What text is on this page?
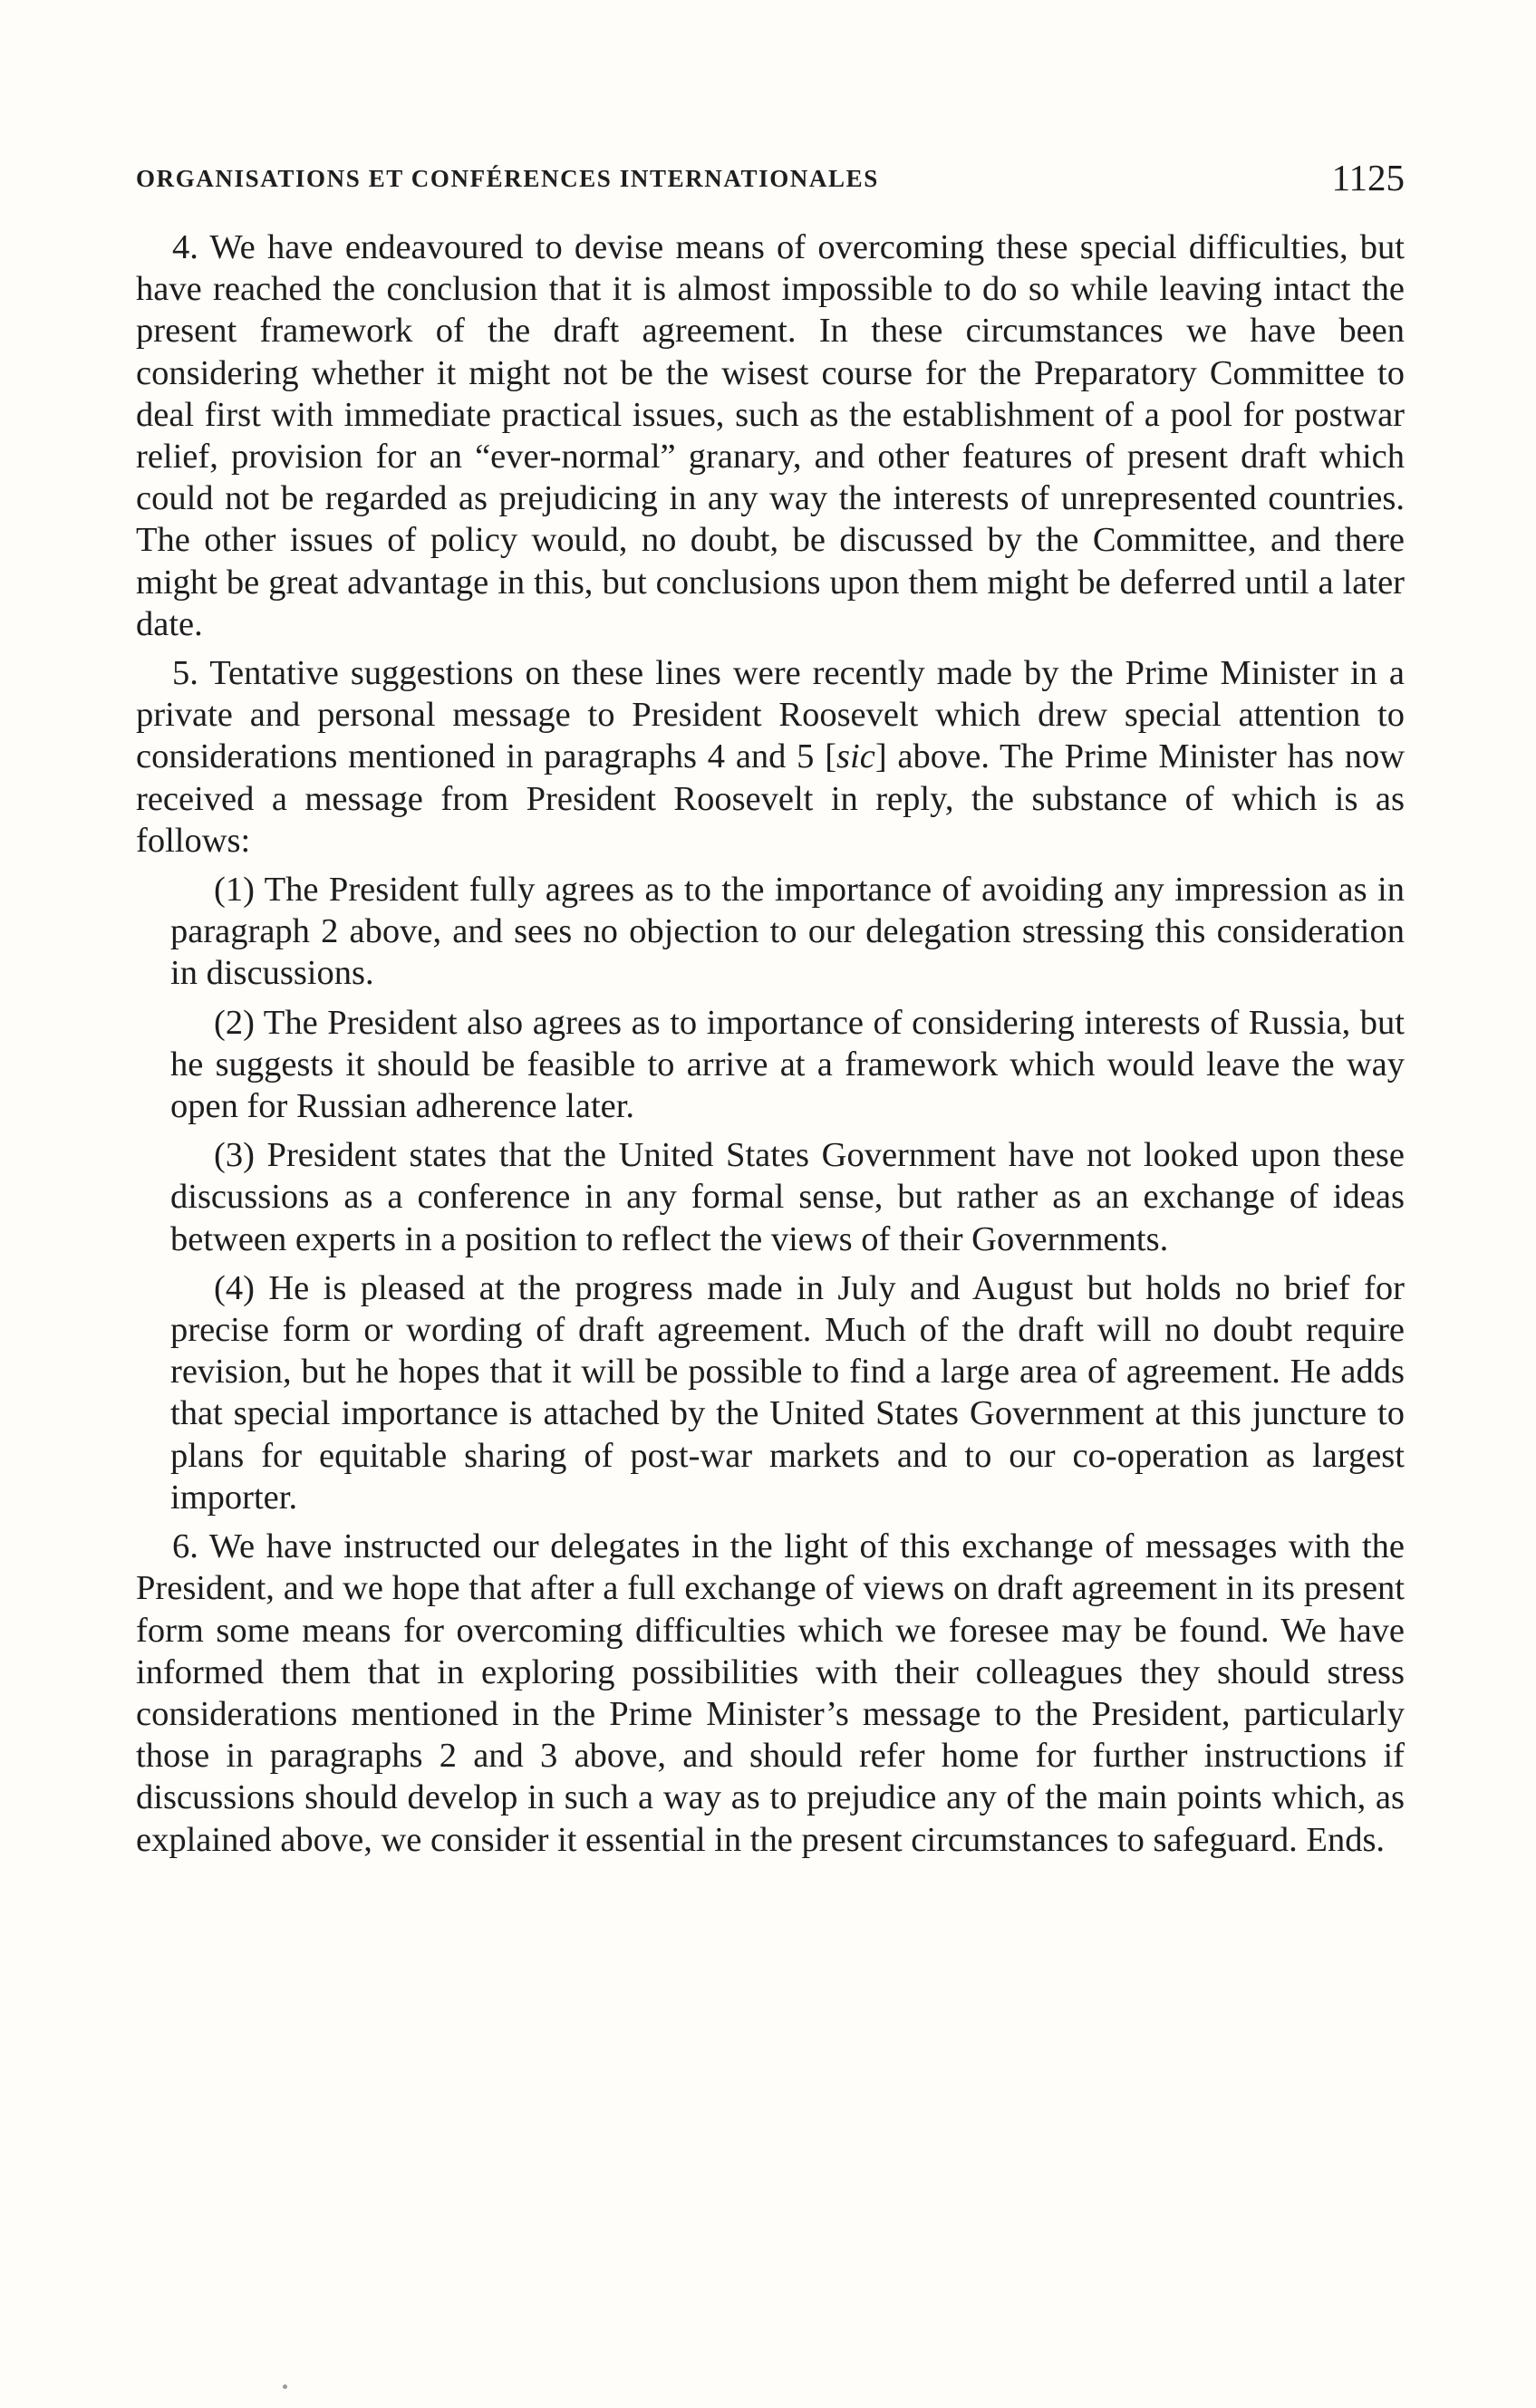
ORGANISATIONS ET CONFÉRENCES INTERNATIONALES	1125

4. We have endeavoured to devise means of overcoming these special difficulties, but have reached the conclusion that it is almost impossible to do so while leaving intact the present framework of the draft agreement. In these circumstances we have been considering whether it might not be the wisest course for the Preparatory Committee to deal first with immediate practical issues, such as the establishment of a pool for postwar relief, provision for an “ever-normal” granary, and other features of present draft which could not be regarded as prejudicing in any way the interests of unrepresented countries. The other issues of policy would, no doubt, be discussed by the Committee, and there might be great advantage in this, but conclusions upon them might be deferred until a later date.

5. Tentative suggestions on these lines were recently made by the Prime Minister in a private and personal message to President Roosevelt which drew special attention to considerations mentioned in paragraphs 4 and 5 [sic] above. The Prime Minister has now received a message from President Roosevelt in reply, the substance of which is as follows:

(1) The President fully agrees as to the importance of avoiding any impression as in paragraph 2 above, and sees no objection to our delegation stressing this consideration in discussions.

(2) The President also agrees as to importance of considering interests of Russia, but he suggests it should be feasible to arrive at a framework which would leave the way open for Russian adherence later.

(3) President states that the United States Government have not looked upon these discussions as a conference in any formal sense, but rather as an exchange of ideas between experts in a position to reflect the views of their Governments.

(4) He is pleased at the progress made in July and August but holds no brief for precise form or wording of draft agreement. Much of the draft will no doubt require revision, but he hopes that it will be possible to find a large area of agreement. He adds that special importance is attached by the United States Government at this juncture to plans for equitable sharing of post-war markets and to our co-operation as largest importer.

6. We have instructed our delegates in the light of this exchange of messages with the President, and we hope that after a full exchange of views on draft agreement in its present form some means for overcoming difficulties which we foresee may be found. We have informed them that in exploring possibilities with their colleagues they should stress considerations mentioned in the Prime Minister’s message to the President, particularly those in paragraphs 2 and 3 above, and should refer home for further instructions if discussions should develop in such a way as to prejudice any of the main points which, as explained above, we consider it essential in the present circumstances to safeguard. Ends.
